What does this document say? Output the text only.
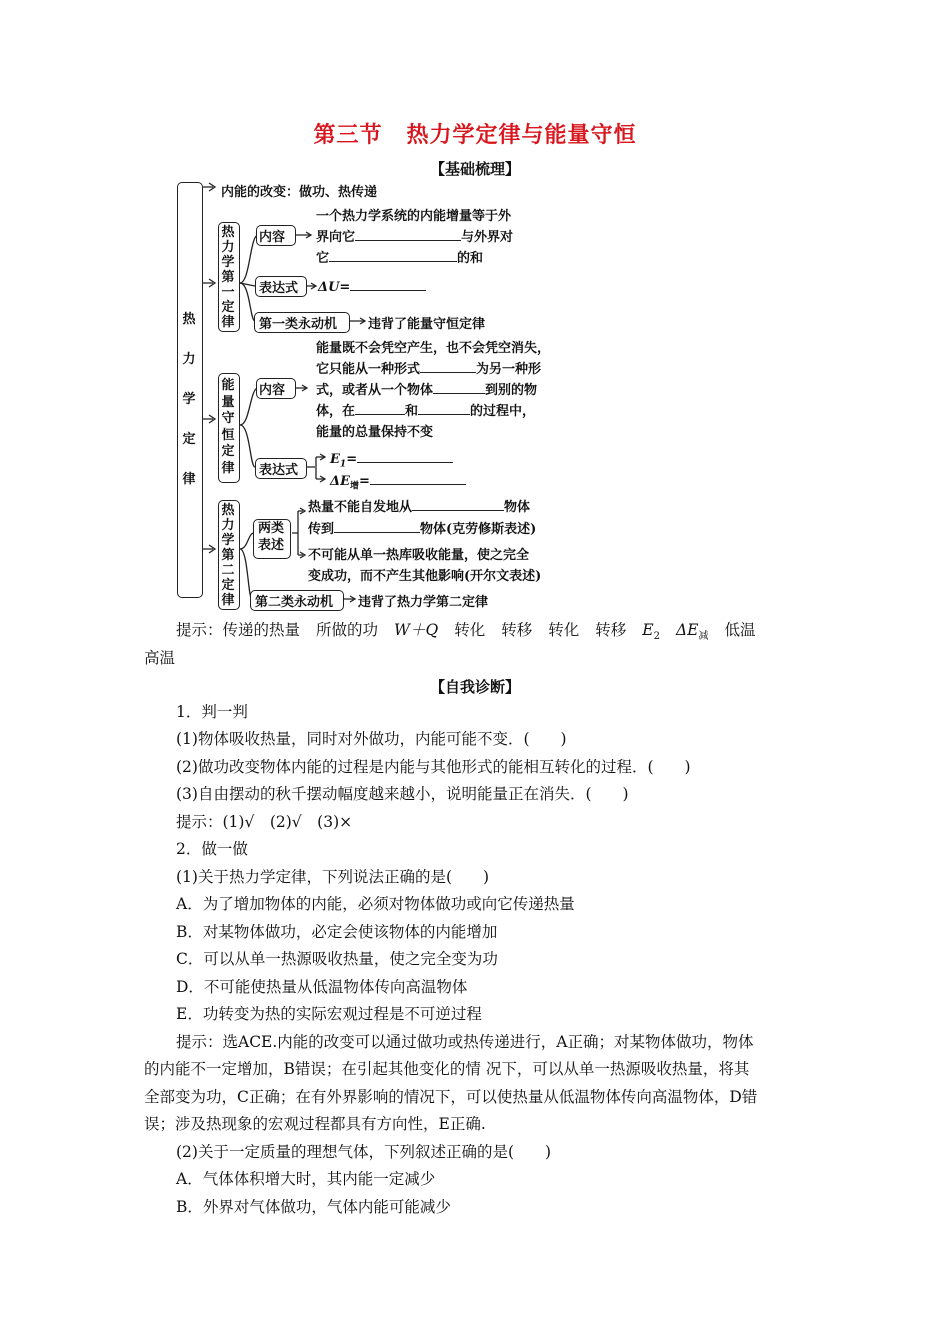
第三节 热力学定律与能量守恒
【基础梳理】
热力学定律
内能的改变：做功、热传递
热力学第一定律
内容
一个热力学系统的内能增量等于外
界向它	与外界对
它	的和
表达式 ΔU=
第一类永动机 违背了能量守恒定律
能量守恒定律
内容
能量既不会凭空产生，也不会凭空消失，
它只能从一种形式	为另一种形
式，或者从一个物体	到别的物
体，在	和	的过程中，
能量的总量保持不变
表达式
$E_1=$
$\Delta E_增=$
热力学第二定律
两类表述
热量不能自发地从	物体
传到	物体(克劳修斯表述)
不可能从单一热库吸收能量，使之完全
变成功，而不产生其他影响(开尔文表述)
第二类永动机 违背了热力学第二定律
提示：传递的热量 所做的功 W＋Q 转化 转移 转化 转移 $E_2$ $\Delta E_减$ 低温
高温
【自我诊断】
1．判一判
(1)物体吸收热量，同时对外做功，内能可能不变．(　　)
(2)做功改变物体内能的过程是内能与其他形式的能相互转化的过程．(　　)
(3)自由摆动的秋千摆动幅度越来越小，说明能量正在消失．(　　)
提示：(1)√　(2)√　(3)×
2．做一做
(1)关于热力学定律，下列说法正确的是(　　)
A．为了增加物体的内能，必须对物体做功或向它传递热量
B．对某物体做功，必定会使该物体的内能增加
C．可以从单一热源吸收热量，使之完全变为功
D．不可能使热量从低温物体传向高温物体
E．功转变为热的实际宏观过程是不可逆过程
提示：选ACE.内能的改变可以通过做功或热传递进行，A正确；对某物体做功，物体
的内能不一定增加，B错误；在引起其他变化的情 况下，可以从单一热源吸收热量，将其
全部变为功，C正确；在有外界影响的情况下，可以使热量从低温物体传向高温物体，D错
误；涉及热现象的宏观过程都具有方向性，E正确.
(2)关于一定质量的理想气体，下列叙述正确的是(　　)
A．气体体积增大时，其内能一定减少
B．外界对气体做功，气体内能可能减少
